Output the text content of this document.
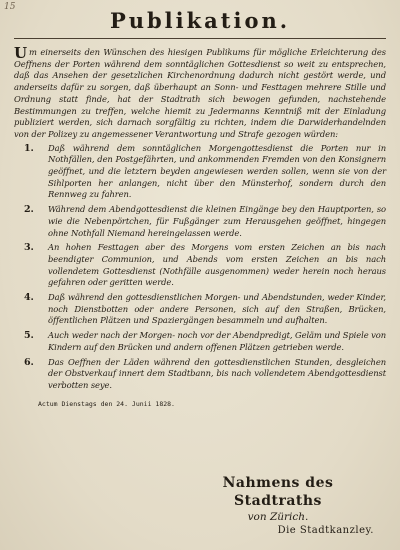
15
Publikation.

Um einerseits den Wünschen des hiesigen Publikums für mögliche Erleichterung des Oeffnens der Porten während dem sonntäglichen Gottesdienst so weit zu entsprechen, daß das Ansehen der gesetzlichen Kirchenordnung dadurch nicht gestört werde, und anderseits dafür zu sorgen, daß überhaupt an Sonn- und Festtagen mehrere Stille und Ordnung statt finde, hat der Stadtrath sich bewogen gefunden, nachstehende Bestimmungen zu treffen, welche hiemit zu Jedermanns Kenntniß mit der Einladung publiziert werden, sich darnach sorgfältig zu richten, indem die Darwiderhandelnden von der Polizey zu angemessener Verantwortung und Strafe gezogen würden:

1.	Daß während dem sonntäglichen Morgengottesdienst die Porten nur in Nothfällen, den Postgefährten, und ankommenden Fremden von den Konsignern geöffnet, und die letztern beyden angewiesen werden sollen, wenn sie von der Sihlporten her anlangen, nicht über den Münsterhof, sondern durch den Rennweg zu fahren.
2.	Während dem Abendgottesdienst die kleinen Eingänge bey den Hauptporten, so wie die Nebenpörtchen, für Fußgänger zum Herausgehen geöffnet, hingegen ohne Nothfall Niemand hereingelassen werde.
3.	An hohen Festtagen aber des Morgens vom ersten Zeichen an bis nach beendigter Communion, und Abends vom ersten Zeichen an bis nach vollendetem Gottesdienst (Nothfälle ausgenommen) weder herein noch heraus gefahren oder geritten werde.
4.	Daß während den gottesdienstlichen Morgen- und Abendstunden, weder Kinder, noch Dienstbotten oder andere Personen, sich auf den Straßen, Brücken, öffentlichen Plätzen und Spaziergängen besammeln und aufhalten.
5.	Auch weder nach der Morgen- noch vor der Abendpredigt, Geläm und Spiele von Kindern auf den Brücken und andern offenen Plätzen getrieben werde.
6.	Das Oeffnen der Läden während den gottesdienstlichen Stunden, desgleichen der Obstverkauf innert dem Stadtbann, bis nach vollendetem Abendgottesdienst verbotten seye.
Actum Dienstags den 24. Junii 1828.
Nahmens des Stadtraths
von Zürich.
Die Stadtkanzley.
